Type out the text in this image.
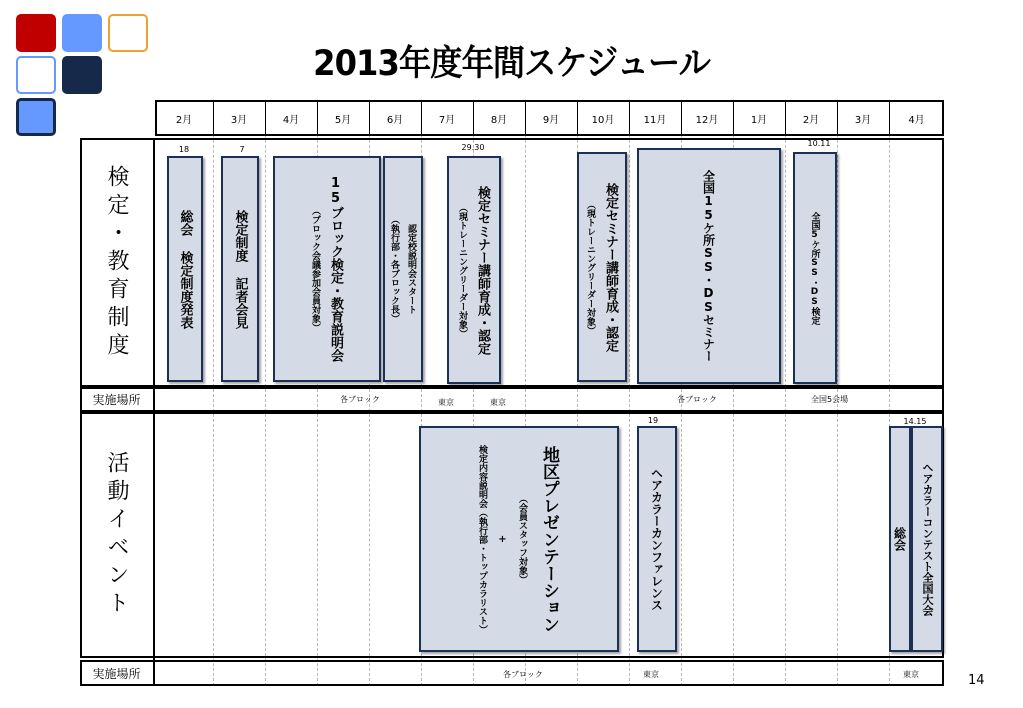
2013年度年間スケジュール
2月	3月	4月	5月	6月	7月	8月	9月	10月	11月	12月	1月	2月	3月	4月
検定・教育制度
実施場所
活動イベント
実施場所
18
総会 検定制度発表
7
検定制度 記者会見	15ブロック検定・教育説明会
（ブロック会議参加会員対象）	認定校説明会スタート
（執行部・各ブロック長）
29.30
検定セミナー講師育成・認定
（現トレーニングリーダー対象）	検定セミナー講師育成・認定
（現トレーニングリーダー対象）	全国15ケ所SS・DSセミナー
10.11
全国5ケ所SS・DS検定
各ブロック	東京	東京	各ブロック	全国5会場
地区プレゼンテーション
（会員スタッフ対象）
+
検定内容説明会（執行部・トップカラリスト）
19
ヘアカラーカンファレンス
14.15
総会 ヘアカラーコンテスト全国大会
各ブロック	東京	東京	14
